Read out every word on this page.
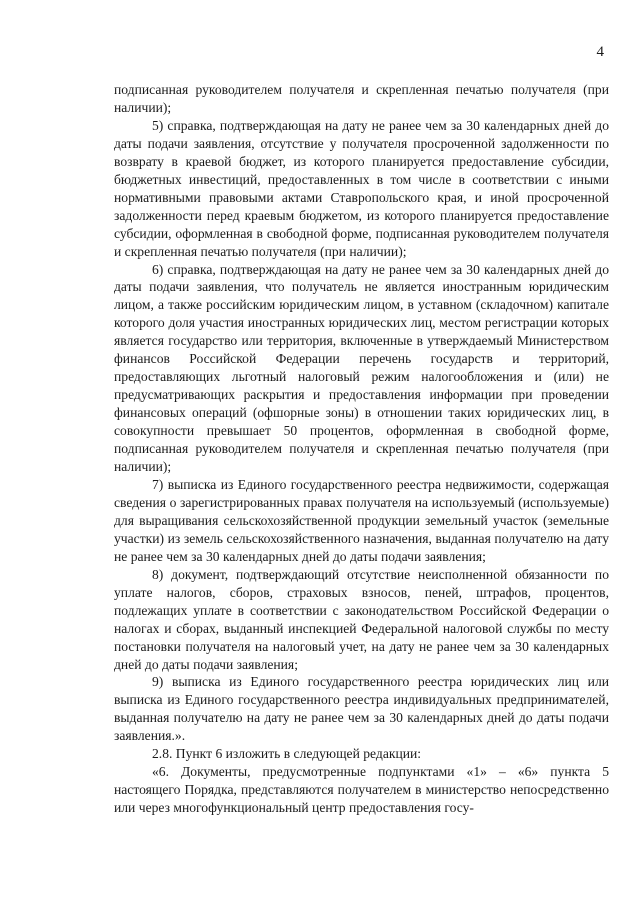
4

подписанная руководителем получателя и скрепленная печатью получателя (при наличии);

5) справка, подтверждающая на дату не ранее чем за 30 календарных дней до даты подачи заявления, отсутствие у получателя просроченной задолженности по возврату в краевой бюджет, из которого планируется предоставление субсидии, бюджетных инвестиций, предоставленных в том числе в соответствии с иными нормативными правовыми актами Ставропольского края, и иной просроченной задолженности перед краевым бюджетом, из которого планируется предоставление субсидии, оформленная в свободной форме, подписанная руководителем получателя и скрепленная печатью получателя (при наличии);

6) справка, подтверждающая на дату не ранее чем за 30 календарных дней до даты подачи заявления, что получатель не является иностранным юридическим лицом, а также российским юридическим лицом, в уставном (складочном) капитале которого доля участия иностранных юридических лиц, местом регистрации которых является государство или территория, включенные в утверждаемый Министерством финансов Российской Федерации перечень государств и территорий, предоставляющих льготный налоговый режим налогообложения и (или) не предусматривающих раскрытия и предоставления информации при проведении финансовых операций (офшорные зоны) в отношении таких юридических лиц, в совокупности превышает 50 процентов, оформленная в свободной форме, подписанная руководителем получателя и скрепленная печатью получателя (при наличии);

7) выписка из Единого государственного реестра недвижимости, содержащая сведения о зарегистрированных правах получателя на используемый (используемые) для выращивания сельскохозяйственной продукции земельный участок (земельные участки) из земель сельскохозяйственного назначения, выданная получателю на дату не ранее чем за 30 календарных дней до даты подачи заявления;

8) документ, подтверждающий отсутствие неисполненной обязанности по уплате налогов, сборов, страховых взносов, пеней, штрафов, процентов, подлежащих уплате в соответствии с законодательством Российской Федерации о налогах и сборах, выданный инспекцией Федеральной налоговой службы по месту постановки получателя на налоговый учет, на дату не ранее чем за 30 календарных дней до даты подачи заявления;

9) выписка из Единого государственного реестра юридических лиц или выписка из Единого государственного реестра индивидуальных предпринимателей, выданная получателю на дату не ранее чем за 30 календарных дней до даты подачи заявления.».

2.8. Пункт 6 изложить в следующей редакции:

«6. Документы, предусмотренные подпунктами «1» – «6» пункта 5 настоящего Порядка, представляются получателем в министерство непосредственно или через многофункциональный центр предоставления госу-
